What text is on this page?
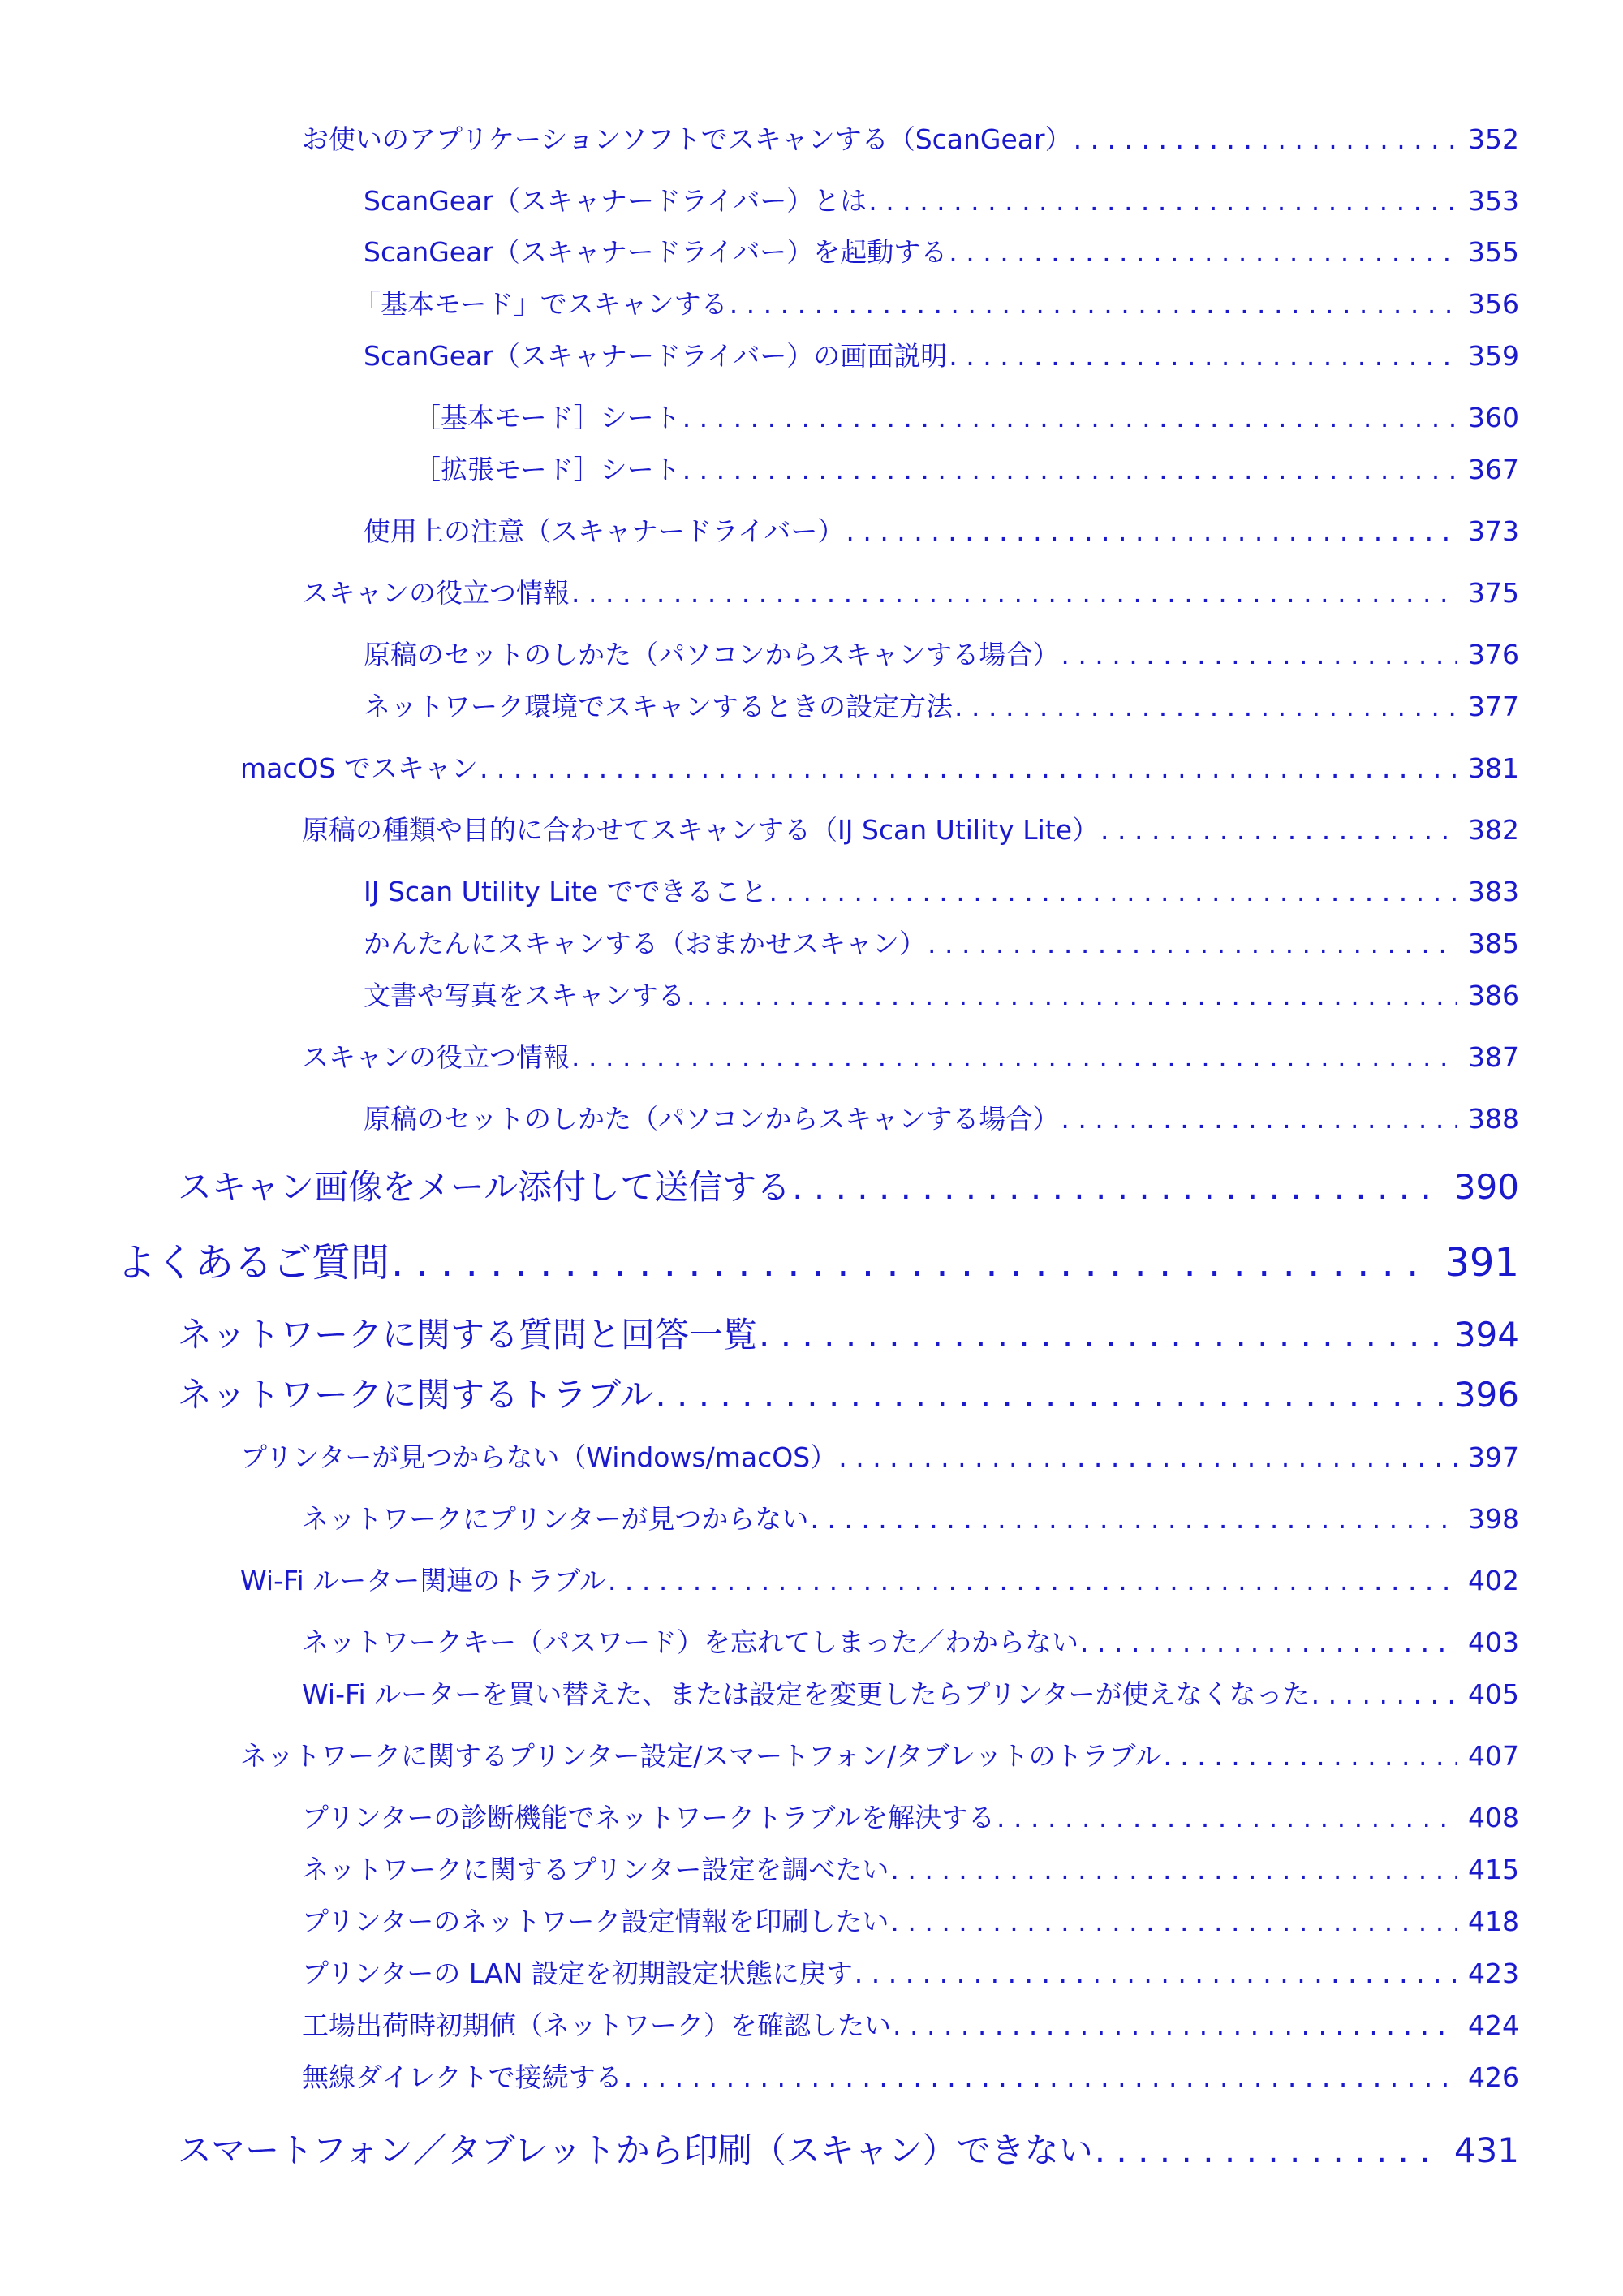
お使いのアプリケーションソフトでスキャンする（ScanGear） . . .	352
ScanGear（スキャナードライバー）とは . . .	353
ScanGear（スキャナードライバー）を起動する . . .	355
「基本モード」でスキャンする . . .	356
ScanGear（スキャナードライバー）の画面説明 . . .	359
［基本モード］シート . . .	360
［拡張モード］シート . . .	367
使用上の注意（スキャナードライバー） . . .	373
スキャンの役立つ情報 . . .	375
原稿のセットのしかた（パソコンからスキャンする場合） . . .	376
ネットワーク環境でスキャンするときの設定方法 . . .	377
macOS でスキャン . . .	381
原稿の種類や目的に合わせてスキャンする（IJ Scan Utility Lite） . . .	382
IJ Scan Utility Lite でできること . . .	383
かんたんにスキャンする（おまかせスキャン） . . .	385
文書や写真をスキャンする . . .	386
スキャンの役立つ情報 . . .	387
原稿のセットのしかた（パソコンからスキャンする場合） . . .	388
スキャン画像をメール添付して送信する . . .	390
よくあるご質問 . . .	391
ネットワークに関する質問と回答一覧 . . .	394
ネットワークに関するトラブル . . .	396
プリンターが見つからない（Windows/macOS） . . .	397
ネットワークにプリンターが見つからない . . .	398
Wi-Fi ルーター関連のトラブル . . .	402
ネットワークキー（パスワード）を忘れてしまった／わからない . . .	403
Wi-Fi ルーターを買い替えた、または設定を変更したらプリンターが使えなくなった . . .	405
ネットワークに関するプリンター設定/スマートフォン/タブレットのトラブル . . .	407
プリンターの診断機能でネットワークトラブルを解決する . . .	408
ネットワークに関するプリンター設定を調べたい . . .	415
プリンターのネットワーク設定情報を印刷したい . . .	418
プリンターの LAN 設定を初期設定状態に戻す . . .	423
工場出荷時初期値（ネットワーク）を確認したい . . .	424
無線ダイレクトで接続する . . .	426
スマートフォン／タブレットから印刷（スキャン）できない . . .	431
